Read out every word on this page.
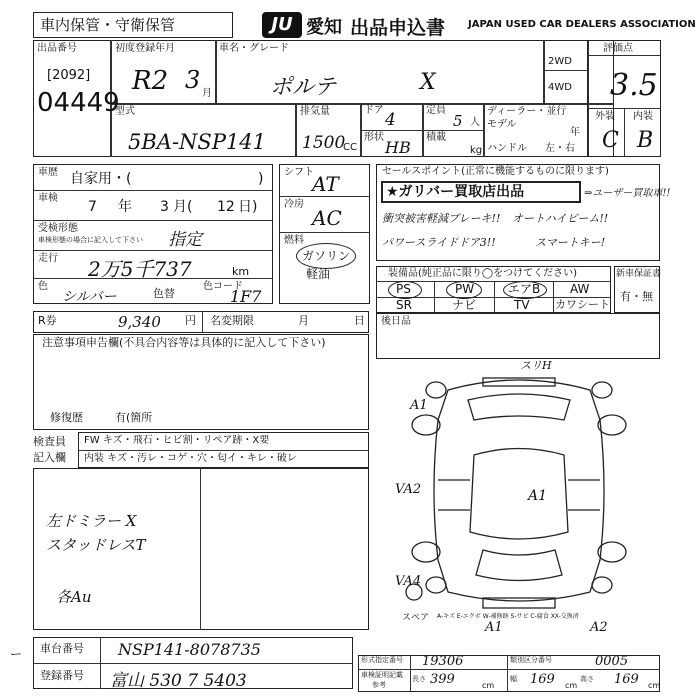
車内保管・守衛保管	JU 愛知 出品申込書 JAPAN USED CAR DEALERS ASSOCIATION
出品番号
[2092]
04449
初度登録年月
R2 3 月
車名・グレード
ポルテ	X
2WD
4WD
評価点
3.5
外装 内装
C B
型式
5BA-NSP141
排気量
1500
CC
ドア 4	定員
5 人
形状
HB
積載
kg
ディーラー・並行
モデル
年
ハンドル 左・右
車歴 自家用・(	)
車検
7 年 3 月( 12 日)
受検形態
車検形態の場合に記入して下さい 指定
走行 2万5千737	km
色
シルバー	色替
色コード
1F7
シフト
AT
冷房
AC
燃料
ガソリン
軽油
セールスポイント(正常に機能するものに限ります)
★ガリバー買取店出品	⇒ユーザー買取車!!
衝突被害軽減ブレーキ!! オートハイビーム!!
パワースライドドア3!!	スマートキー!
装備品(純正品に限り◯をつけてください)
PS	PW	エアB AW
SR	ナビ	TV カワシート
新車保証書
有・無
R券	9,340 円 名変期限	月	日 後日品
注意事項申告欄(不具合内容等は具体的に記入して下さい)
修復歴	有(箇所
検査員
記入欄
FW キズ・飛石・ヒビ割・リペア跡・X要
内装 キズ・汚レ・コゲ・穴・匂イ・キレ・破レ
左ドミラー X
スタッドレスT
各Au
スリH
A1
VA2	A1
VA4
スペア
A1	A2
A-キズ E-エクボ W-補修跡 S-サビ C-腐食 XX-交換済
車台番号 NSP141-8078735
登録番号 富山 530 7 5403
ー	形式指定番号 19306	類別区分番号	0005
車検証明記載
参考
長さ 399	cm
幅 169 cm
高さ 169 cm
